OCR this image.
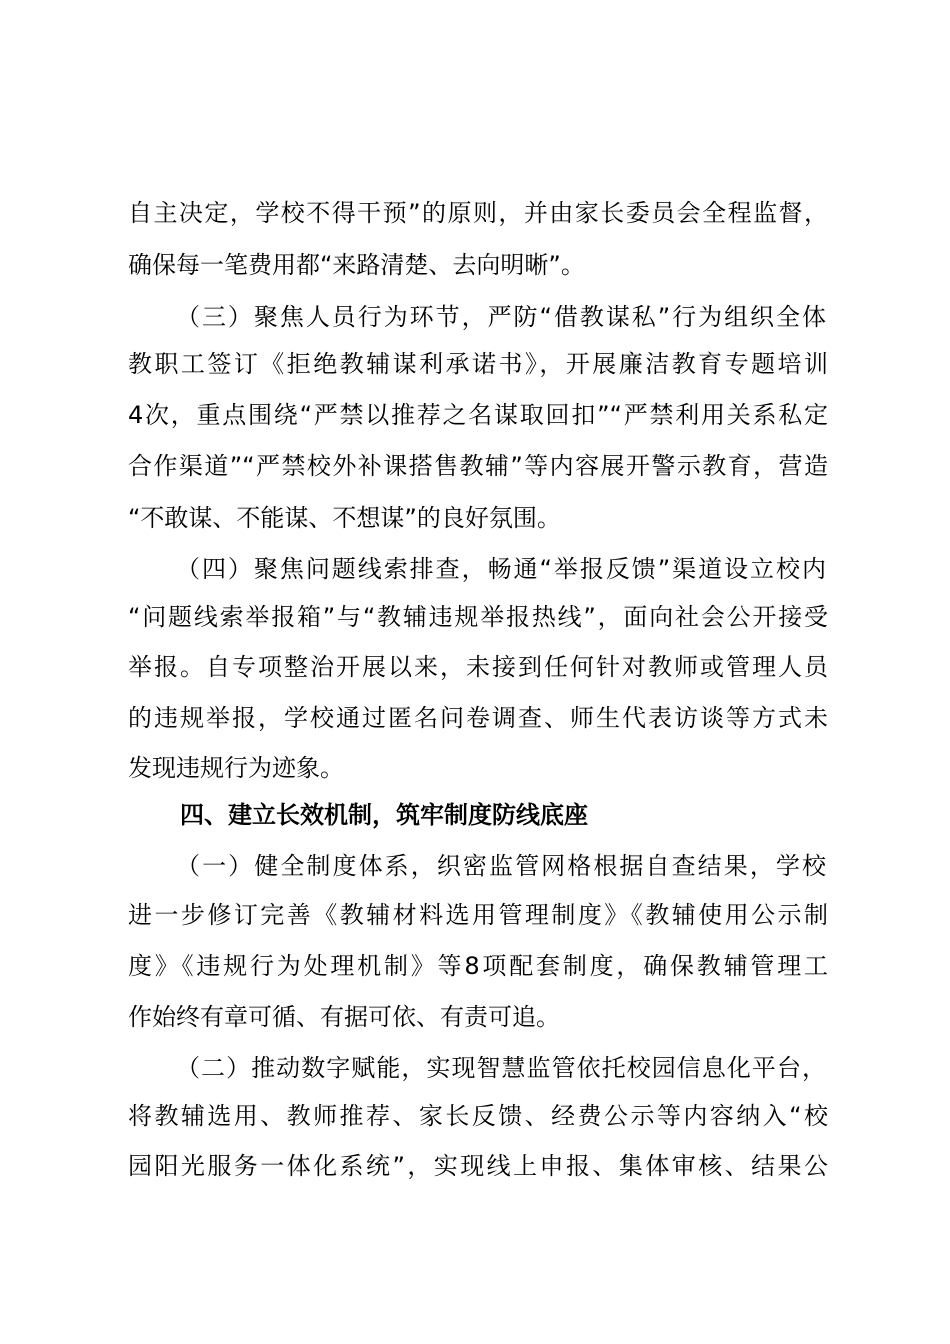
自主决定，学校不得干预”的原则，并由家长委员会全程监督，
确保每一笔费用都“来路清楚、去向明晰”。
（三）聚焦人员行为环节，严防“借教谋私”行为组织全体
教职工签订《拒绝教辅谋利承诺书》，开展廉洁教育专题培训
4次，重点围绕“严禁以推荐之名谋取回扣”“严禁利用关系私定
合作渠道”“严禁校外补课搭售教辅”等内容展开警示教育，营造
“不敢谋、不能谋、不想谋”的良好氛围。
（四）聚焦问题线索排查，畅通“举报反馈”渠道设立校内
“问题线索举报箱”与“教辅违规举报热线”，面向社会公开接受
举报。自专项整治开展以来，未接到任何针对教师或管理人员
的违规举报，学校通过匿名问卷调查、师生代表访谈等方式未
发现违规行为迹象。
四、建立长效机制，筑牢制度防线底座
（一）健全制度体系，织密监管网格根据自查结果，学校
进一步修订完善《教辅材料选用管理制度》《教辅使用公示制
度》《违规行为处理机制》等8项配套制度，确保教辅管理工
作始终有章可循、有据可依、有责可追。
（二）推动数字赋能，实现智慧监管依托校园信息化平台，
将教辅选用、教师推荐、家长反馈、经费公示等内容纳入“校
园阳光服务一体化系统”，实现线上申报、集体审核、结果公
